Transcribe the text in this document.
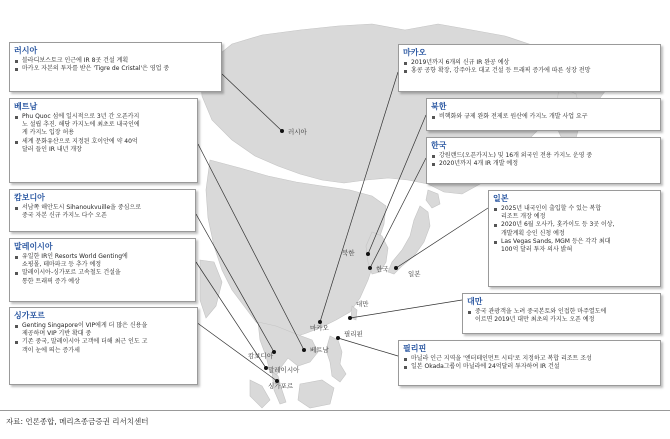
러시아
북한
한국
일본
대만
마카오
필리핀
베트남
캄보디아
말레이시아
싱가포르
러시아
블라디보스토크 인근에 IR 8곳 건설 계획
마카오 자본의 투자를 받은 'Tigre de Cristal'은 영업 중
베트남
Phu Quoc 섬에 일시적으로 3년 간 오픈카지
노 설립 추진. 해당 카지노에 최초로 내국인에
게 카지노 입장 허용
세계 문화유산으로 지정된 호이안에 약 40억
달러 들인 IR 내년 개장
캄보디아
서남쪽 해안도시 Sihanoukvuille을 중심으로
중국 자본 신규 카지노 다수 오픈
말레이시아
유일한 IR인 Resorts World Genting에
쇼핑몰, 테마파크 등 추가 예정
말레이시아-싱가포르 고속철도 건설을
통한 트래픽 증가 예상
싱가포르
Genting Singapore이 VIP에게 더 많은 신용을
제공하며 VIP 기반 확대 중
기존 중국, 말레이시아 고객에 더해 최근 인도 고
객이 눈에 띄는 증가세
마카오
2019년까지 6개의 신규 IR 완공 예상
홍콩 공항 확장, 강주아오 대교 건설 등 트래픽 증가에 따른 성장 전망
북한
비핵화와 규제 완화 전제로 원산에 카지노 개발 사업 요구
한국
강원랜드(오픈카지노) 및 16개 외국인 전용 카지노 운영 중
2020년까지 4개 IR 개발 예정
일본
2025년 내국인이 출입할 수 있는 복합
리조트 개장 예정
2020년 6월 오사카, 홋카이도 등 3곳 이상,
개발계획 승인 신청 예정
Las Vegas Sands, MGM 등은 각각 최대
100억 달러 투자 의사 밝혀
대만
중국 관광객을 노려 중국본토와 인접한 마주열도에
이르면 2019년 대만 최초의 카지노 오픈 예정
필리핀
마닐라 인근 지역을 '엔터테인먼트 시티'로 지정하고 복합 리조트 조성
일본 Okada그룹이 마닐라에 24억달러 투자하여 IR 건설
자료: 언론종합, 메리츠종금증권 리서치센터
